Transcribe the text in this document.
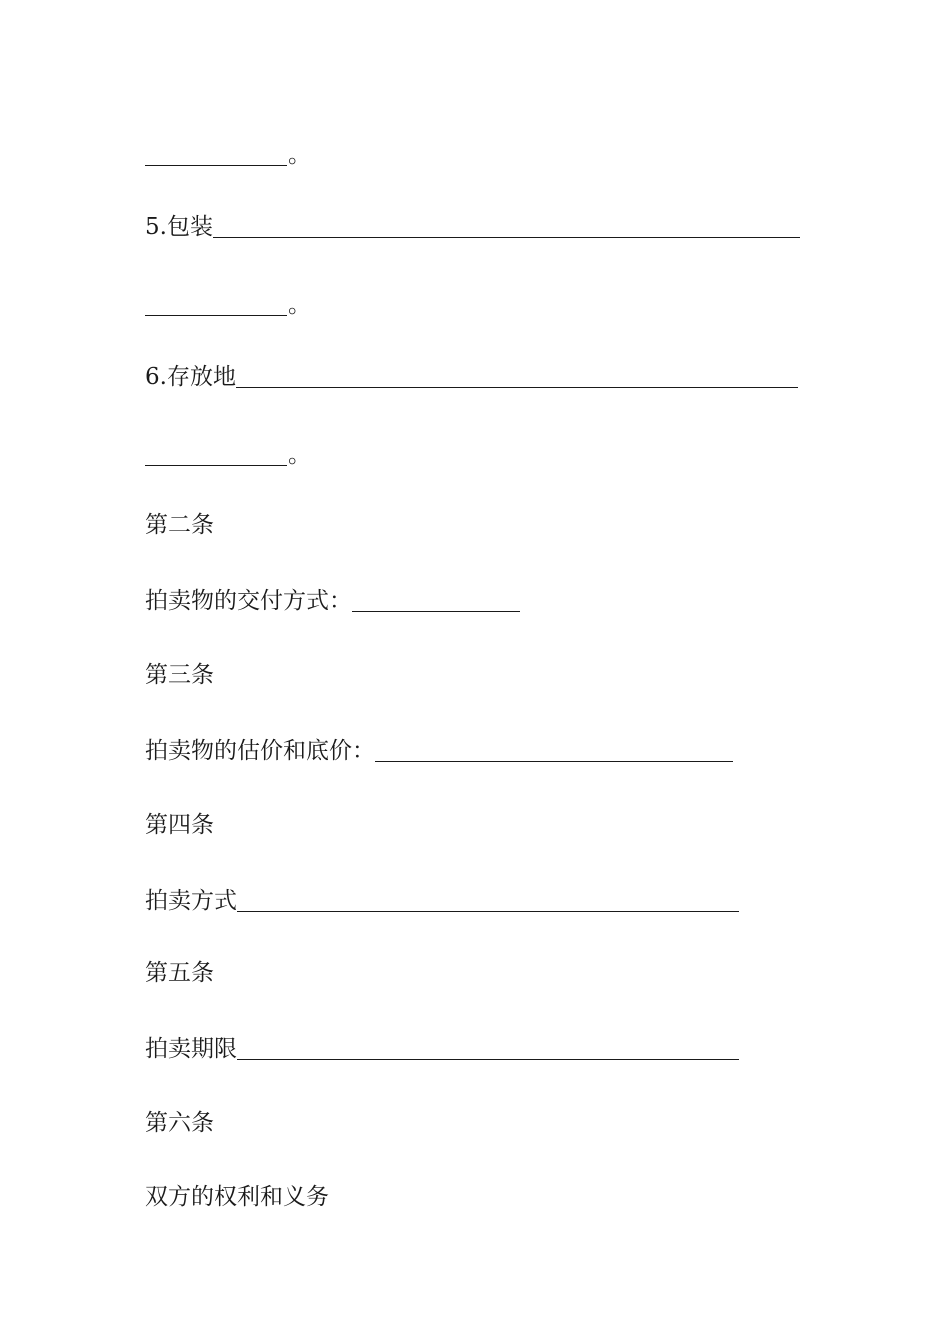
。
5.包装
。
6.存放地
。
第二条
拍卖物的交付方式：
第三条
拍卖物的估价和底价：
第四条
拍卖方式
第五条
拍卖期限
第六条
双方的权利和义务
